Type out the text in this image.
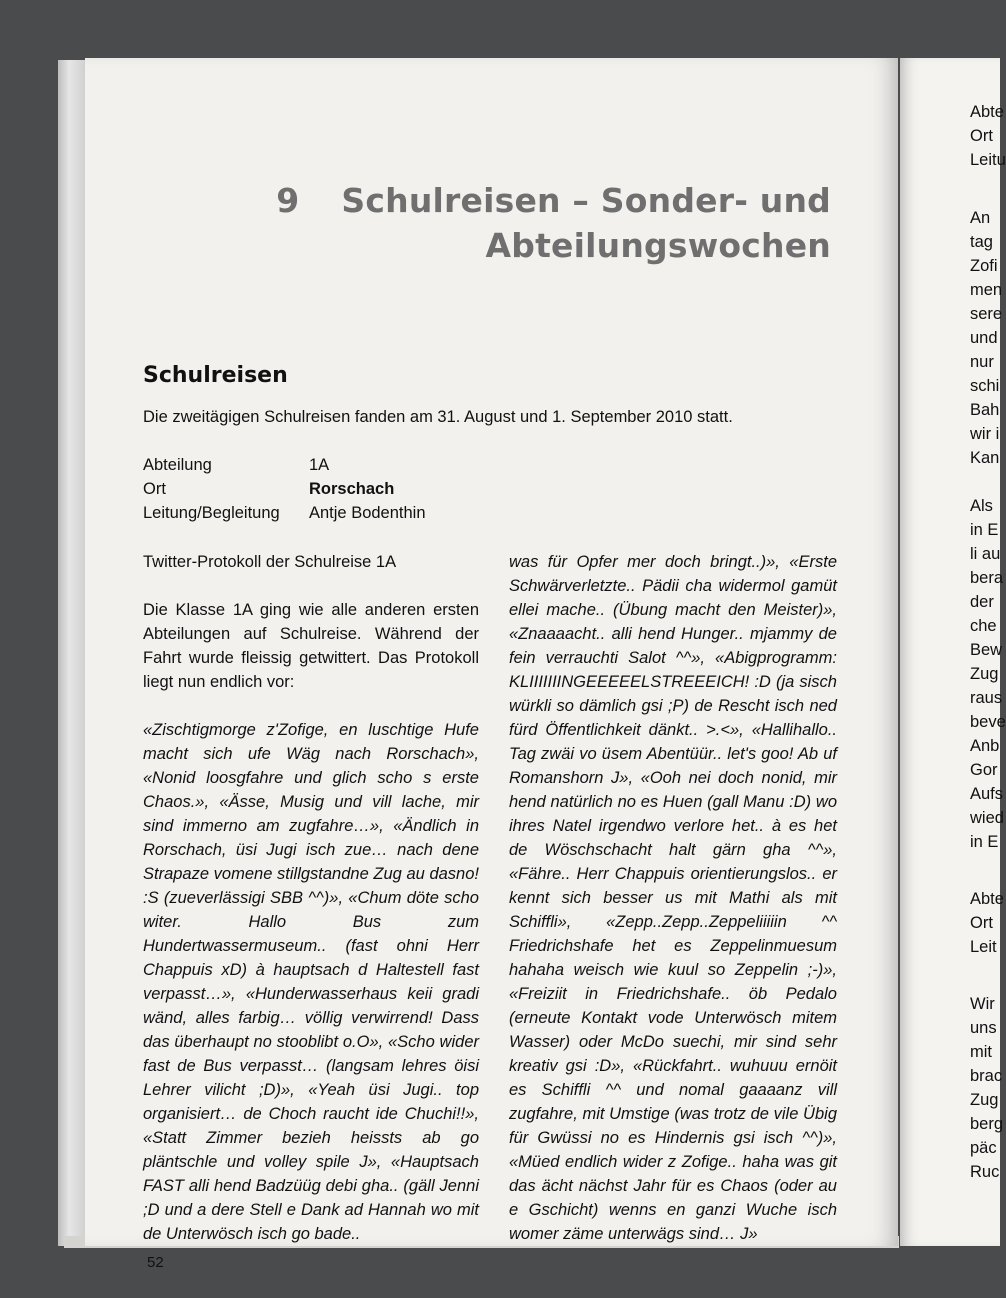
9 Schulreisen – Sonder- und
Abteilungswochen
Schulreisen
Die zweitägigen Schulreisen fanden am 31. August und 1. September 2010 statt.
Abteilung	1A
Ort	Rorschach
Leitung/Begleitung	Antje Bodenthin

Twitter-Protokoll der Schulreise 1A

Die Klasse 1A ging wie alle anderen ersten Abteilungen auf Schulreise. Während der Fahrt wurde fleissig getwittert. Das Protokoll liegt nun endlich vor:

«Zischtigmorge z'Zofige, en luschtige Hufe macht sich ufe Wäg nach Rorschach», «Nonid loosgfahre und glich scho s erste Chaos.», «Ässe, Musig und vill lache, mir sind immerno am zugfahre…», «Ändlich in Rorschach, üsi Jugi isch zue… nach dene Strapaze vomene stillgstandne Zug au dasno! :S (zueverlässigi SBB ^^)», «Chum döte scho witer. Hallo Bus zum Hundertwassermuseum.. (fast ohni Herr Chappuis xD) à hauptsach d Haltestell fast verpasst…», «Hunderwasserhaus keii gradi wänd, alles farbig… völlig verwirrend! Dass das überhaupt no stooblibt o.O», «Scho wider fast de Bus verpasst… (langsam lehres öisi Lehrer vilicht ;D)», «Yeah üsi Jugi.. top organisiert… de Choch raucht ide Chuchi!!», «Statt Zimmer bezieh heissts ab go pläntschle und volley spile J», «Hauptsach FAST alli hend Badzüüg debi gha.. (gäll Jenni ;D und a dere Stell e Dank ad Hannah wo mit de Unterwösch isch go bade..

was für Opfer mer doch bringt..)», «Erste Schwärverletzte.. Pädii cha widermol gamüt ellei mache.. (Übung macht den Meister)», «Znaaaacht.. alli hend Hunger.. mjammy de fein verrauchti Salot ^^», «Abigprogramm: KLIIIIIIINGEEEEELSTREEEICH! :D (ja sisch würkli so dämlich gsi ;P) de Rescht isch ned fürd Öffentlichkeit dänkt.. >.<», «Hallihallo.. Tag zwäi vo üsem Abentüür.. let's goo! Ab uf Romanshorn J», «Ooh nei doch nonid, mir hend natürlich no es Huen (gall Manu :D) wo ihres Natel irgendwo verlore het.. à es het de Wöschschacht halt gärn gha ^^», «Fähre.. Herr Chappuis orientierungslos.. er kennt sich besser us mit Mathi als mit Schiffli», «Zepp..Zepp..Zeppeliiiiin ^^ Friedrichshafe het es Zeppelinmuesum hahaha weisch wie kuul so Zeppelin ;-)», «Freiziit in Friedrichshafe.. öb Pedalo (erneute Kontakt vode Unterwösch mitem Wasser) oder McDo suechi, mir sind sehr kreativ gsi :D», «Rückfahrt.. wuhuuu ernöit es Schiffli ^^ und nomal gaaaanz vill zugfahre, mit Umstige (was trotz de vile Übig für Gwüssi no es Hindernis gsi isch ^^)», «Müed endlich wider z Zofige.. haha was git das ächt nächst Jahr für es Chaos (oder au e Gschicht) wenns en ganzi Wuche isch womer zäme unterwägs sind… J»

52
Abte
Ort
Leitu
An
tag
Zofi
men
sere
und
nur
schi
Bah
wir i
Kan
Als
in E
li au
bera
der
che
Bew
Zug
raus
beve
Anb
Gor
Aufs
wied
in E
Abte
Ort
Leit
Wir
uns
mit
brac
Zug
berg
päc
Ruc
